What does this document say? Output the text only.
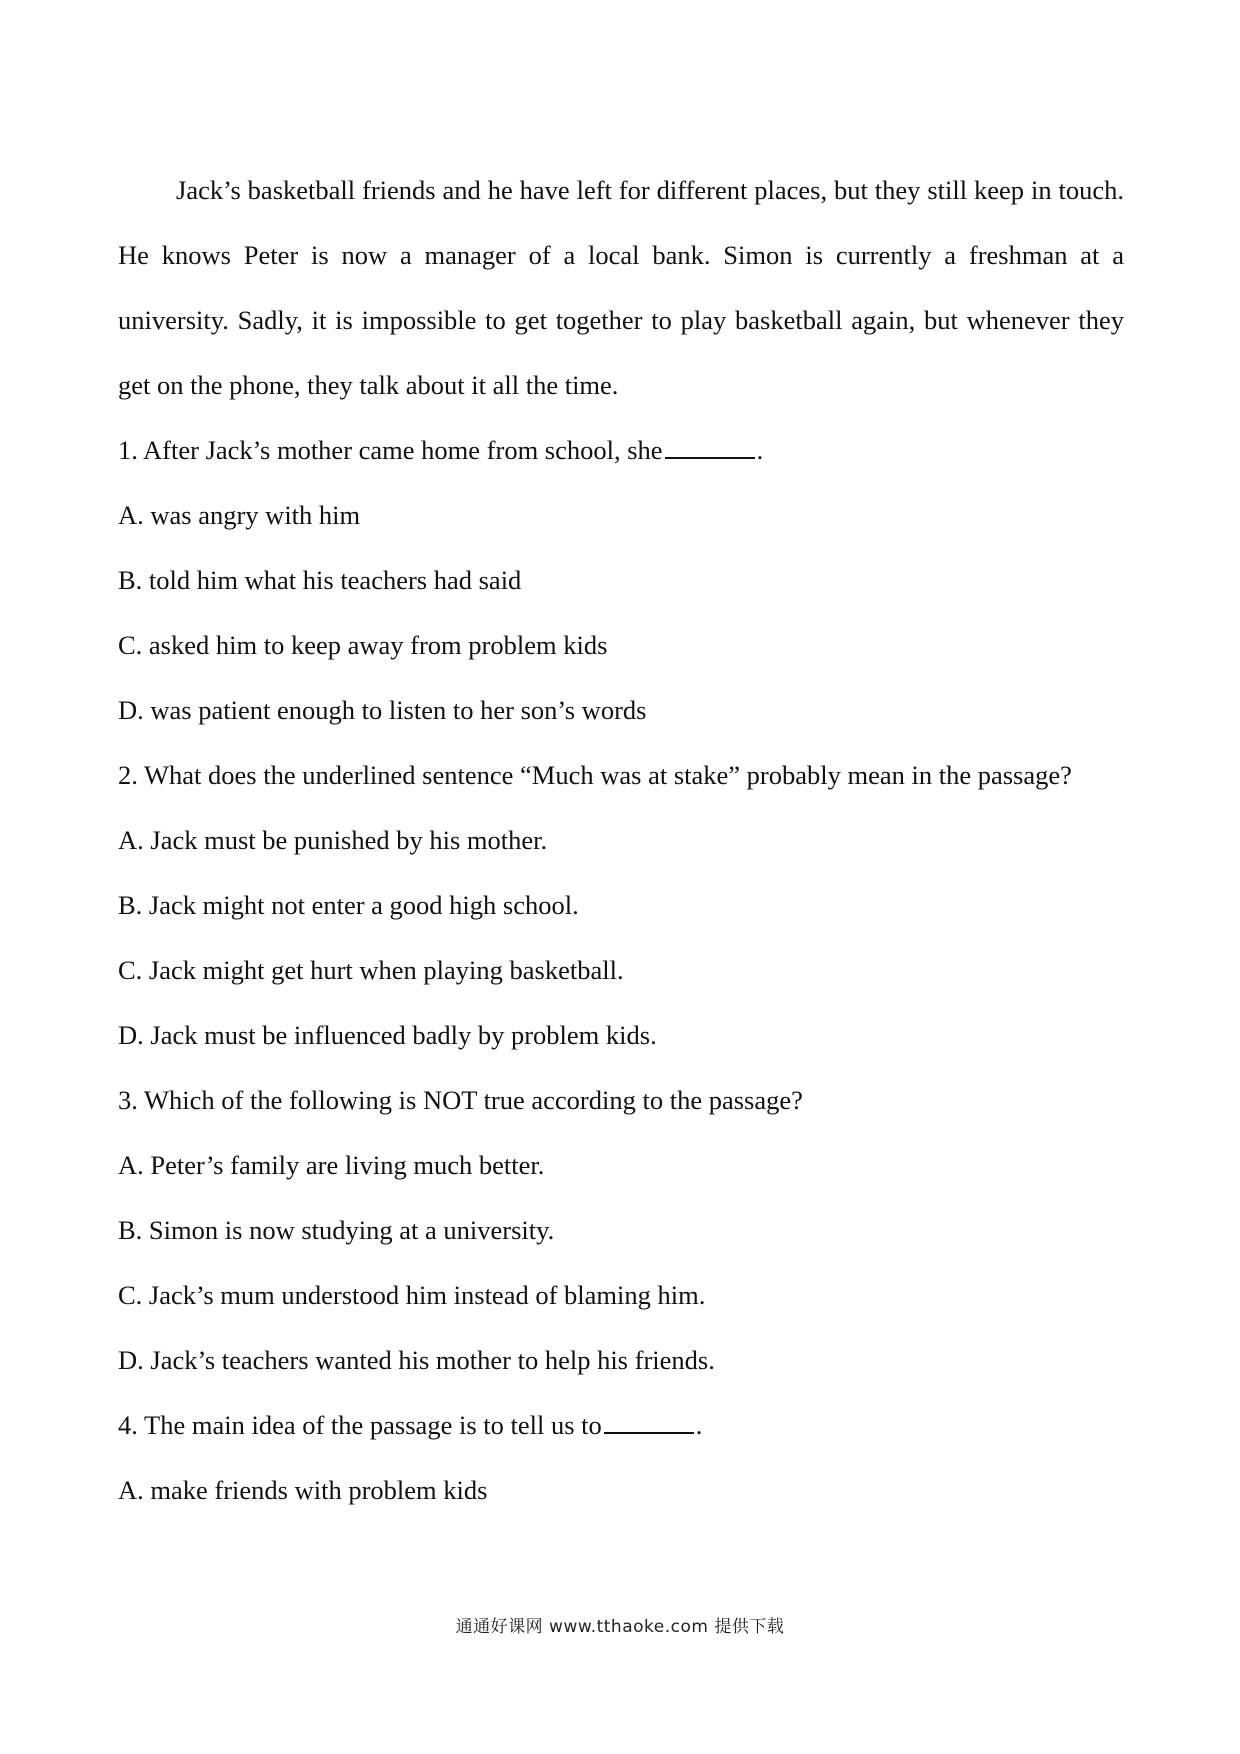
Jack’s basketball friends and he have left for different places, but they still keep in touch. He knows Peter is now a manager of a local bank. Simon is currently a freshman at a university. Sadly, it is impossible to get together to play basketball again, but whenever they get on the phone, they talk about it all the time.

1. After Jack’s mother came home from school, she	.

A. was angry with him

B. told him what his teachers had said

C. asked him to keep away from problem kids

D. was patient enough to listen to her son’s words

2. What does the underlined sentence “Much was at stake” probably mean in the passage?

A. Jack must be punished by his mother.

B. Jack might not enter a good high school.

C. Jack might get hurt when playing basketball.

D. Jack must be influenced badly by problem kids.

3. Which of the following is NOT true according to the passage?

A. Peter’s family are living much better.

B. Simon is now studying at a university.

C. Jack’s mum understood him instead of blaming him.

D. Jack’s teachers wanted his mother to help his friends.

4. The main idea of the passage is to tell us to	.

A. make friends with problem kids

通通好课网 www.tthaoke.com 提供下载
